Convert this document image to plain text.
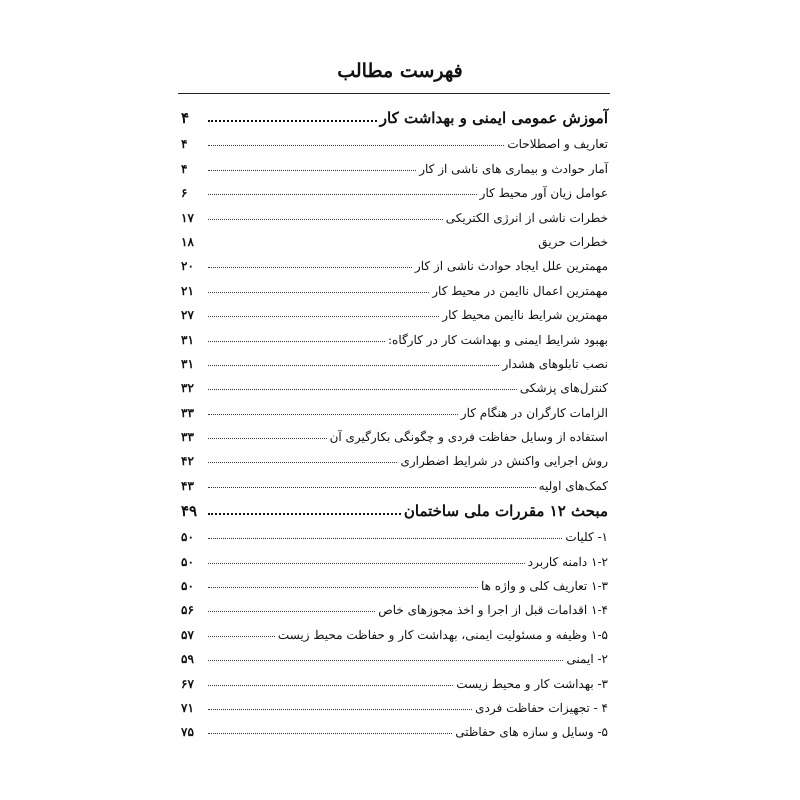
فهرست مطالب
آموزش عمومی ایمنی و بهداشت کار
۴
تعاریف و اصطلاحات
۴
آمار حوادث و بیماری های ناشی از کار
۴
عوامل زیان آور محیط کار
۶
خطرات ناشی از انرژی الکتریکی
۱۷
خطرات حریق
۱۸
مهمترین علل ایجاد حوادث ناشی از کار
۲۰
مهمترین اعمال ناایمن در محیط کار
۲۱
مهمترین شرایط ناایمن محیط کار
۲۷
بهبود شرایط ایمنی و بهداشت کار در کارگاه:
۳۱
نصب تابلوهای هشدار
۳۱
کنترل‌های پزشکی
۳۲
الزامات کارگران در هنگام کار
۳۳
استفاده از وسایل حفاظت فردی و چگونگی بکارگیری آن
۳۳
روش اجرایی واکنش در شرایط اضطراری
۴۲
کمک‌های اولیه
۴۳
مبحث ۱۲ مقررات ملی ساختمان
۴۹
۱- کلیات
۵۰
۱-۲ دامنه کاربرد
۵۰
۱-۳ تعاریف کلی و واژه ها
۵۰
۱-۴ اقدامات قبل از اجرا و اخذ مجوزهای خاص
۵۶
۱-۵ وظیفه و مسئولیت ایمنی، بهداشت کار و حفاظت محیط زیست
۵۷
۲- ایمنی
۵۹
۳- بهداشت کار و محیط زیست
۶۷
۴ - تجهیزات حفاظت فردی
۷۱
۵- وسایل و سازه های حفاظتی
۷۵
